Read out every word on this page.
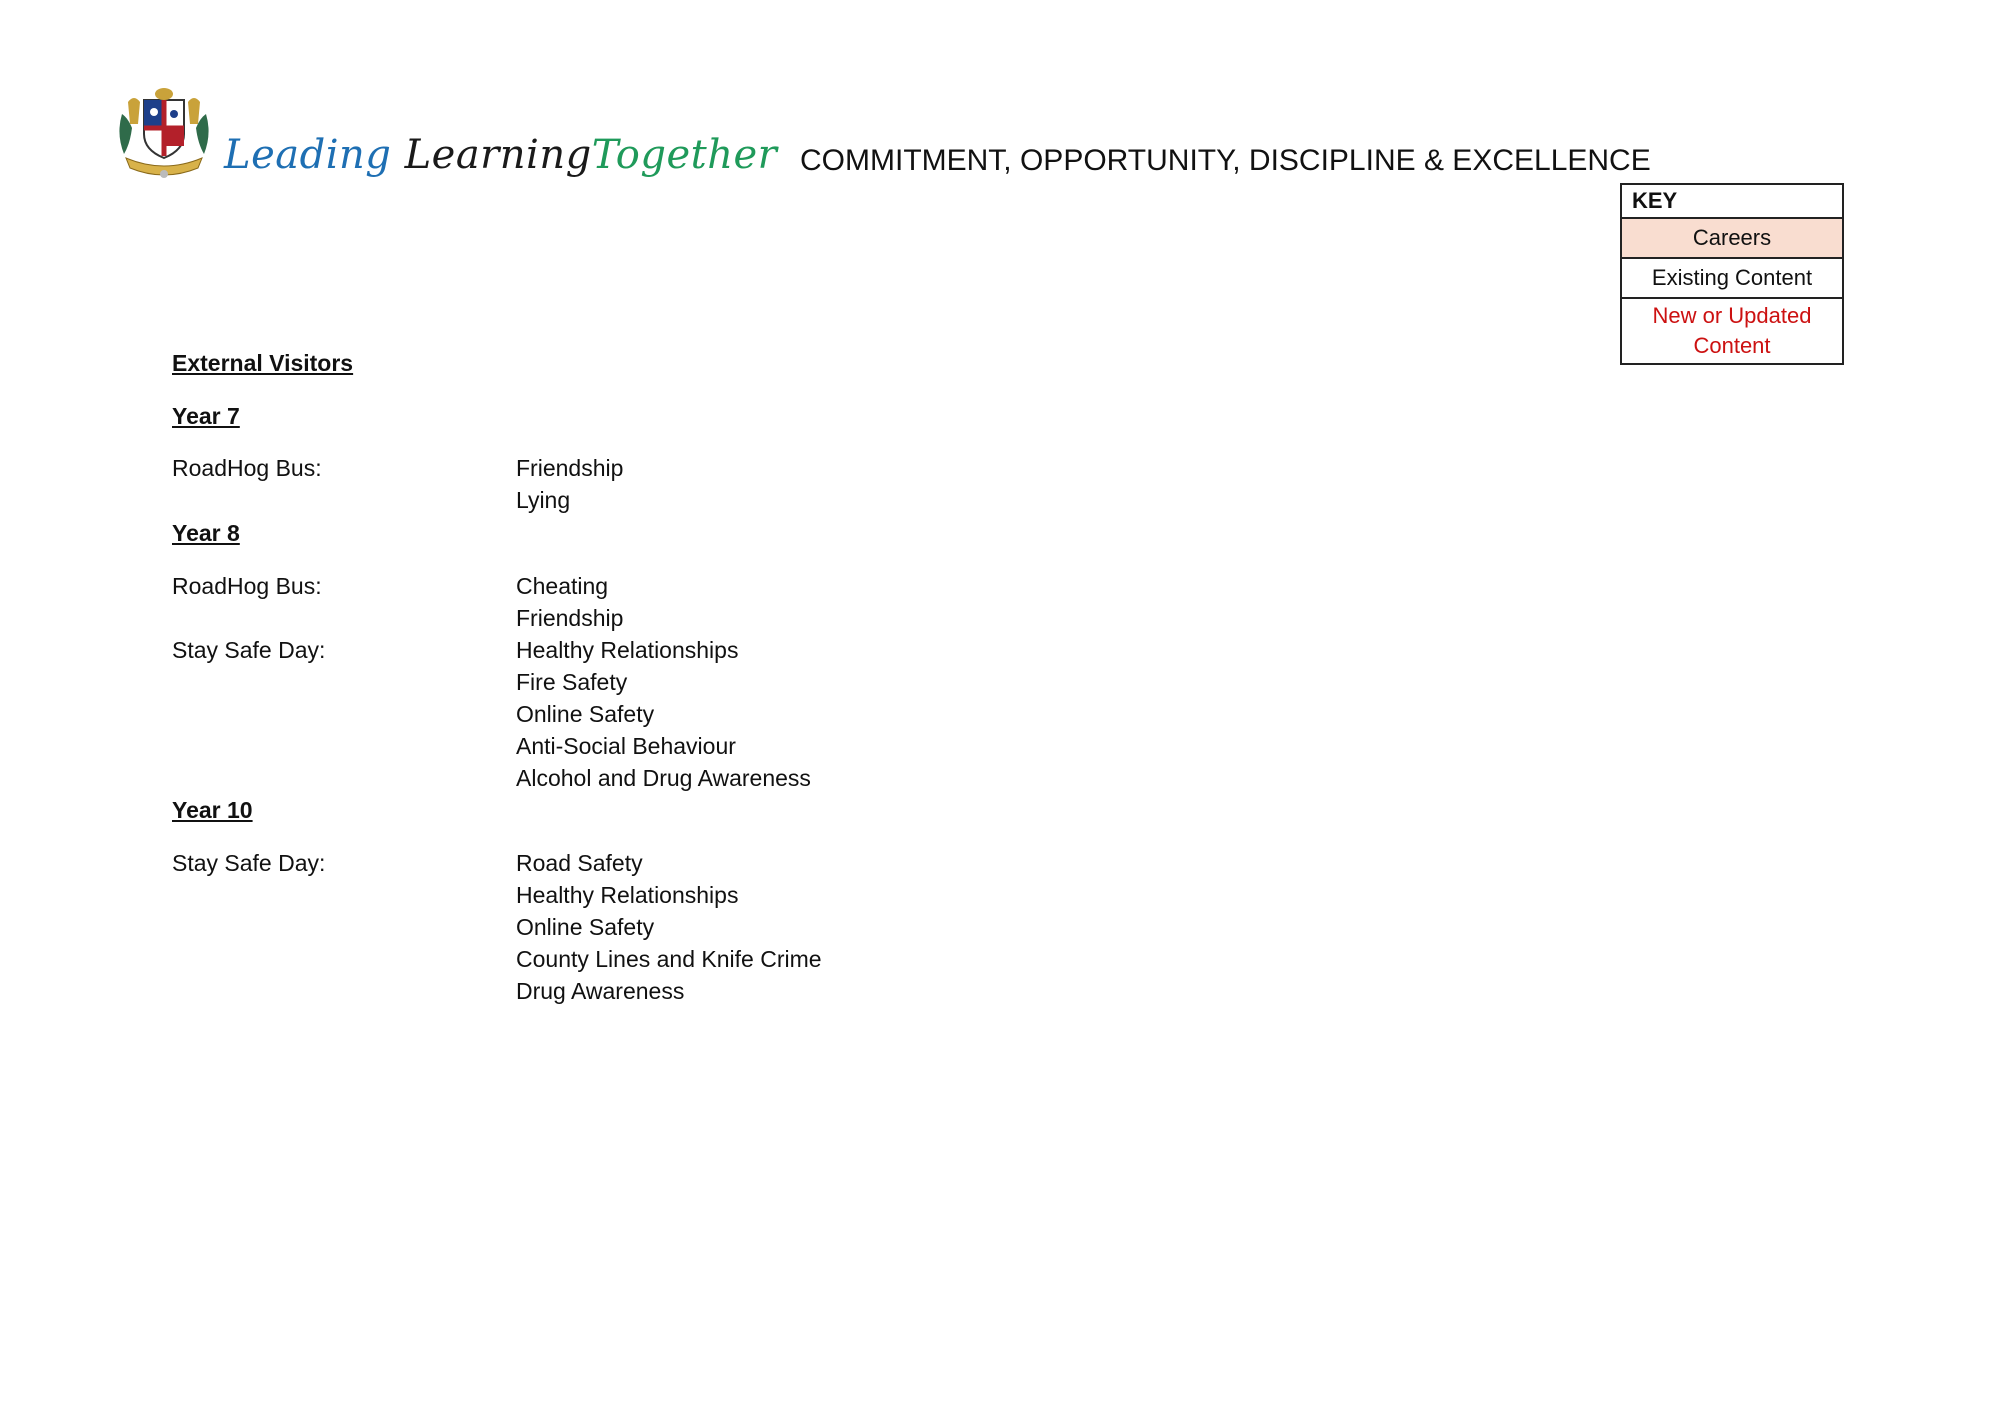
Leading LearningTogether COMMITMENT, OPPORTUNITY, DISCIPLINE & EXCELLENCE
KEY
Careers
Existing Content
New or Updated Content
External Visitors
Year 7
RoadHog Bus:	Friendship
Lying
Year 8
RoadHog Bus:	Cheating
Friendship
Stay Safe Day:	Healthy Relationships
Fire Safety
Online Safety
Anti-Social Behaviour
Alcohol and Drug Awareness
Year 10
Stay Safe Day:	Road Safety
Healthy Relationships
Online Safety
County Lines and Knife Crime
Drug Awareness
